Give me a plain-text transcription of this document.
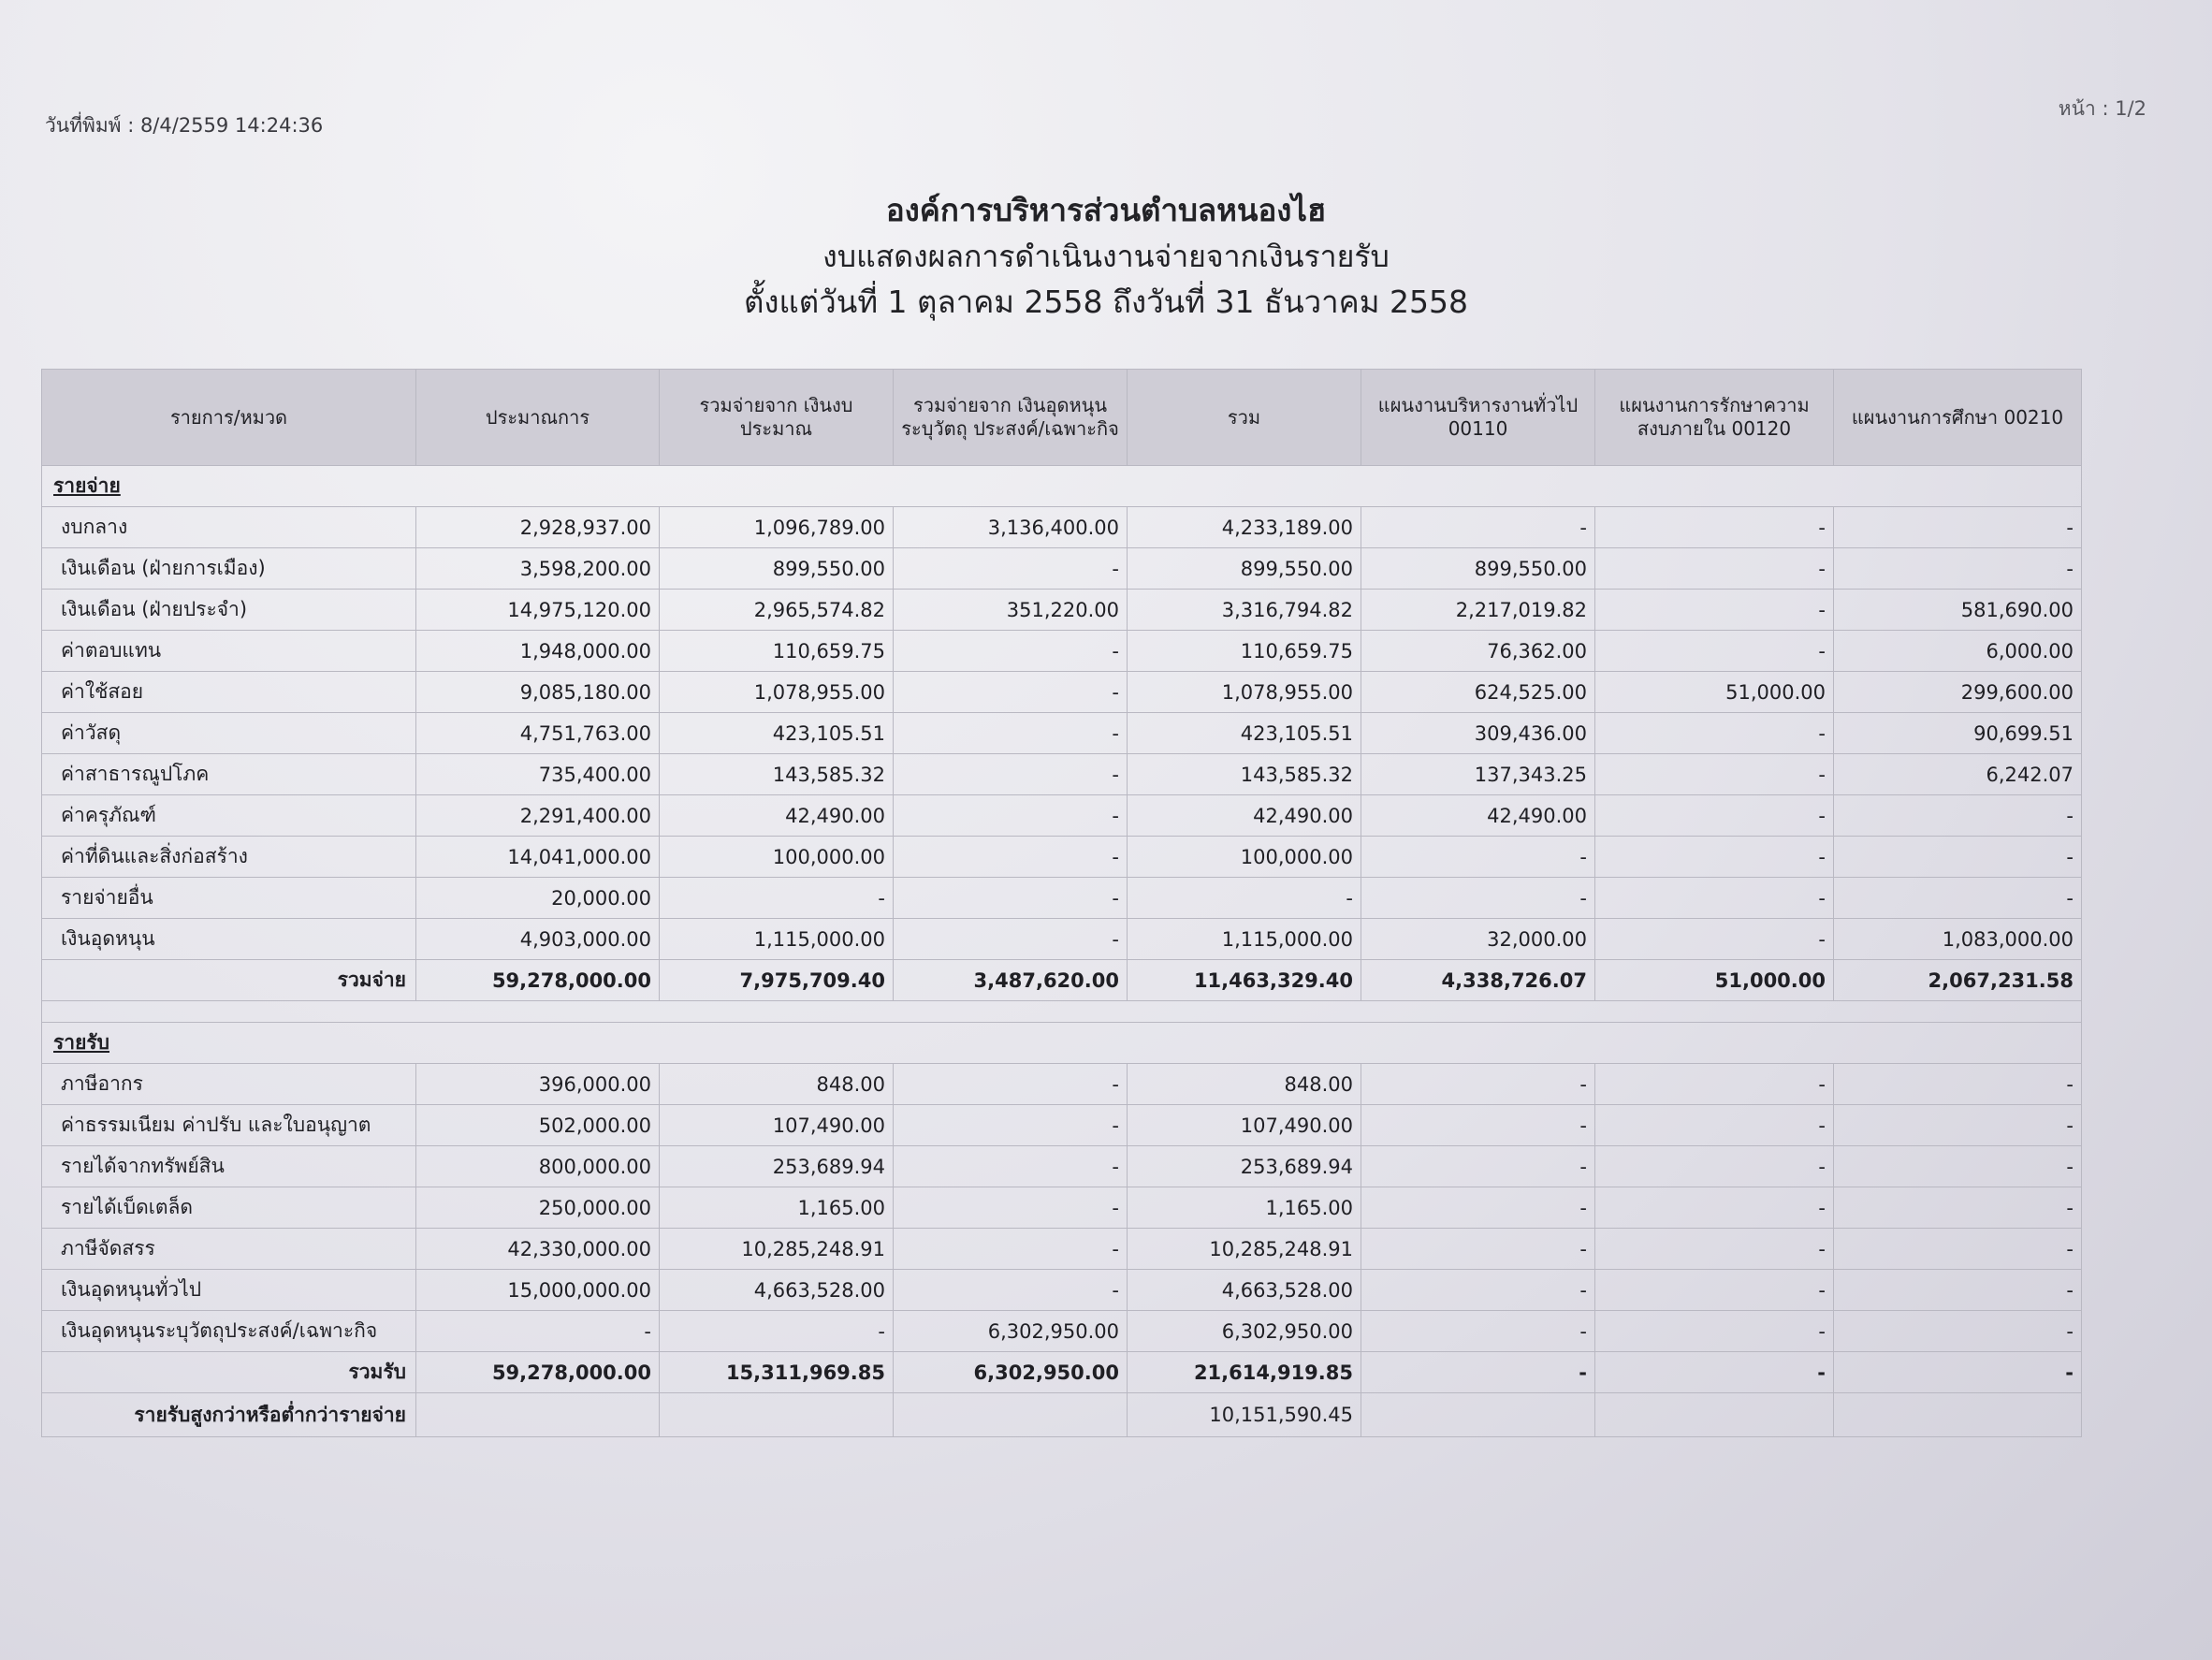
วันที่พิมพ์ : 8/4/2559 14:24:36
หน้า : 1/2
องค์การบริหารส่วนตำบลหนองไฮ
งบแสดงผลการดำเนินงานจ่ายจากเงินรายรับ
ตั้งแต่วันที่ 1 ตุลาคม 2558 ถึงวันที่ 31 ธันวาคม 2558
รายการ/หมวด	ประมาณการ	รวมจ่ายจาก เงินงบประมาณ	รวมจ่ายจาก เงินอุดหนุนระบุวัตถุ ประสงค์/เฉพาะกิจ	รวม	แผนงานบริหารงานทั่วไป 00110	แผนงานการรักษาความ สงบภายใน 00120	แผนงานการศึกษา 00210
รายจ่าย							
งบกลาง	2,928,937.00	1,096,789.00	3,136,400.00	4,233,189.00	-	-	-
เงินเดือน (ฝ่ายการเมือง)	3,598,200.00	899,550.00	-	899,550.00	899,550.00	-	-
เงินเดือน (ฝ่ายประจำ)	14,975,120.00	2,965,574.82	351,220.00	3,316,794.82	2,217,019.82	-	581,690.00
ค่าตอบแทน	1,948,000.00	110,659.75	-	110,659.75	76,362.00	-	6,000.00
ค่าใช้สอย	9,085,180.00	1,078,955.00	-	1,078,955.00	624,525.00	51,000.00	299,600.00
ค่าวัสดุ	4,751,763.00	423,105.51	-	423,105.51	309,436.00	-	90,699.51
ค่าสาธารณูปโภค	735,400.00	143,585.32	-	143,585.32	137,343.25	-	6,242.07
ค่าครุภัณฑ์	2,291,400.00	42,490.00	-	42,490.00	42,490.00	-	-
ค่าที่ดินและสิ่งก่อสร้าง	14,041,000.00	100,000.00	-	100,000.00	-	-	-
รายจ่ายอื่น	20,000.00	-	-	-	-	-	-
เงินอุดหนุน	4,903,000.00	1,115,000.00	-	1,115,000.00	32,000.00	-	1,083,000.00
รวมจ่าย	59,278,000.00	7,975,709.40	3,487,620.00	11,463,329.40	4,338,726.07	51,000.00	2,067,231.58

รายรับ							
ภาษีอากร	396,000.00	848.00	-	848.00	-	-	-
ค่าธรรมเนียม ค่าปรับ และใบอนุญาต	502,000.00	107,490.00	-	107,490.00	-	-	-
รายได้จากทรัพย์สิน	800,000.00	253,689.94	-	253,689.94	-	-	-
รายได้เบ็ดเตล็ด	250,000.00	1,165.00	-	1,165.00	-	-	-
ภาษีจัดสรร	42,330,000.00	10,285,248.91	-	10,285,248.91	-	-	-
เงินอุดหนุนทั่วไป	15,000,000.00	4,663,528.00	-	4,663,528.00	-	-	-
เงินอุดหนุนระบุวัตถุประสงค์/เฉพาะกิจ	-	-	6,302,950.00	6,302,950.00	-	-	-
รวมรับ	59,278,000.00	15,311,969.85	6,302,950.00	21,614,919.85	-	-	-
รายรับสูงกว่าหรือต่ำกว่ารายจ่าย				10,151,590.45			
